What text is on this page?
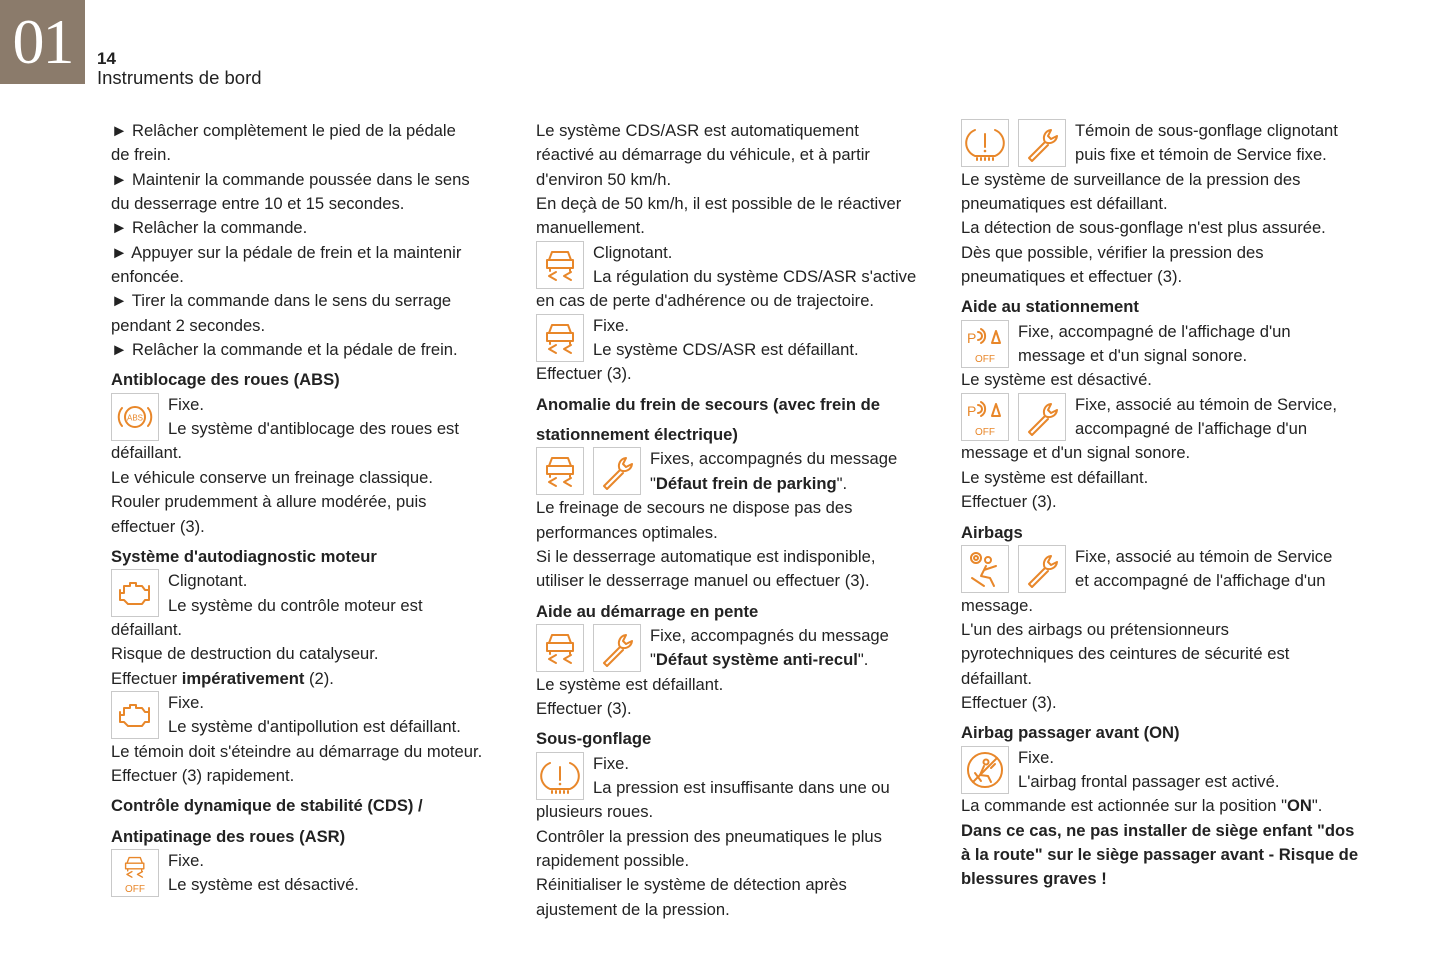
01	14
Instruments de bord
► Relâcher complètement le pied de la pédale
de frein.
► Maintenir la commande poussée dans le sens
du desserrage entre 10 et 15 secondes.
► Relâcher la commande.
► Appuyer sur la pédale de frein et la maintenir
enfoncée.
► Tirer la commande dans le sens du serrage
pendant 2 secondes.
► Relâcher la commande et la pédale de frein.
Antiblocage des roues (ABS)
ABS
Fixe.
Le système d'antiblocage des roues est
défaillant.
Le véhicule conserve un freinage classique.
Rouler prudemment à allure modérée, puis
effectuer (3).
Système d'autodiagnostic moteur
Clignotant.
Le système du contrôle moteur est
défaillant.
Risque de destruction du catalyseur.
Effectuer impérativement (2).
Fixe.
Le système d'antipollution est défaillant.
Le témoin doit s'éteindre au démarrage du moteur.
Effectuer (3) rapidement.
Contrôle dynamique de stabilité (CDS) /
Antipatinage des roues (ASR)
OFF
Fixe.
Le système est désactivé.
Le système CDS/ASR est automatiquement
réactivé au démarrage du véhicule, et à partir
d'environ 50 km/h.
En deçà de 50 km/h, il est possible de le réactiver
manuellement.
Clignotant.
La régulation du système CDS/ASR s'active
en cas de perte d'adhérence ou de trajectoire.
Fixe.
Le système CDS/ASR est défaillant.
Effectuer (3).
Anomalie du frein de secours (avec frein de
stationnement électrique)
Fixes, accompagnés du message
"Défaut frein de parking".
Le freinage de secours ne dispose pas des
performances optimales.
Si le desserrage automatique est indisponible,
utiliser le desserrage manuel ou effectuer (3).
Aide au démarrage en pente
Fixe, accompagnés du message
"Défaut système anti-recul".
Le système est défaillant.
Effectuer (3).
Sous-gonflage
Fixe.
La pression est insuffisante dans une ou
plusieurs roues.
Contrôler la pression des pneumatiques le plus
rapidement possible.
Réinitialiser le système de détection après
ajustement de la pression.
Témoin de sous-gonflage clignotant
puis fixe et témoin de Service fixe.
Le système de surveillance de la pression des
pneumatiques est défaillant.
La détection de sous-gonflage n'est plus assurée.
Dès que possible, vérifier la pression des
pneumatiques et effectuer (3).
Aide au stationnement
P
OFF
Fixe, accompagné de l'affichage d'un
message et d'un signal sonore.
Le système est désactivé.
P
OFF
Fixe, associé au témoin de Service,
accompagné de l'affichage d'un
message et d'un signal sonore.
Le système est défaillant.
Effectuer (3).
Airbags
Fixe, associé au témoin de Service
et accompagné de l'affichage d'un
message.
L'un des airbags ou prétensionneurs
pyrotechniques des ceintures de sécurité est
défaillant.
Effectuer (3).
Airbag passager avant (ON)
Fixe.
L'airbag frontal passager est activé.
La commande est actionnée sur la position "ON".
Dans ce cas, ne pas installer de siège enfant "dos
à la route" sur le siège passager avant - Risque de
blessures graves !
